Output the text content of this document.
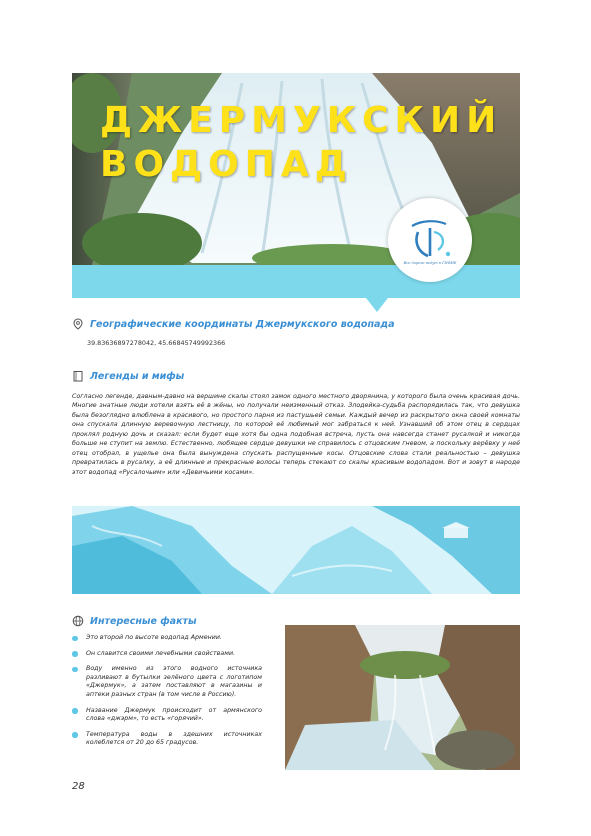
ДЖЕРМУКСКИЙ
ВОДОПАД
Все дороги ведут в ГНФНЕ
Географические координаты Джермукского водопада
39.83636897278042, 45.66845749992366
Легенды и мифы

Согласно легенде, давным-давно на вершине скалы стоял замок одного местного дворянина, у которого была очень красивая дочь. Многие знатные люди хотели взять её в жёны, но получали неизменный отказ. Злодейка-судьба распорядилась так, что девушка была безоглядно влюблена в красивого, но простого парня из пастушьей семьи. Каждый вечер из раскрытого окна своей комнаты она спускала длинную веревочную лестницу, по которой её любимый мог забраться к ней. Узнавший об этом отец в сердцах проклял родную дочь и сказал: если будет еще хотя бы одна подобная встреча, пусть она навсегда станет русалкой и никогда больше не ступит на землю. Естественно, любящее сердце девушки не справилось с отцовским гневом, а поскольку верёвку у неё отец отобрал, в ущелье она была вынуждена спускать распущенные косы. Отцовские слова стали реальностью – девушка превратилась в русалку, а её длинные и прекрасные волосы теперь стекают со скалы красивым водопадом. Вот и зовут в народе этот водопад «Русалочьим» или «Девичьими косами».

Интересные факты
Это второй по высоте водопад Армении.
Он славится своими лечебными свойствами.
Воду именно из этого водного источника разливают в бутылки зелёного цвета с логотипом «Джермук», а затем поставляют в магазины и аптеки разных стран (в том числе в Россию).
Название Джермук происходит от армянского слова «джэрм», то есть «горячий».
Температура воды в здешних источниках колеблется от 20 до 65 градусов.
28
